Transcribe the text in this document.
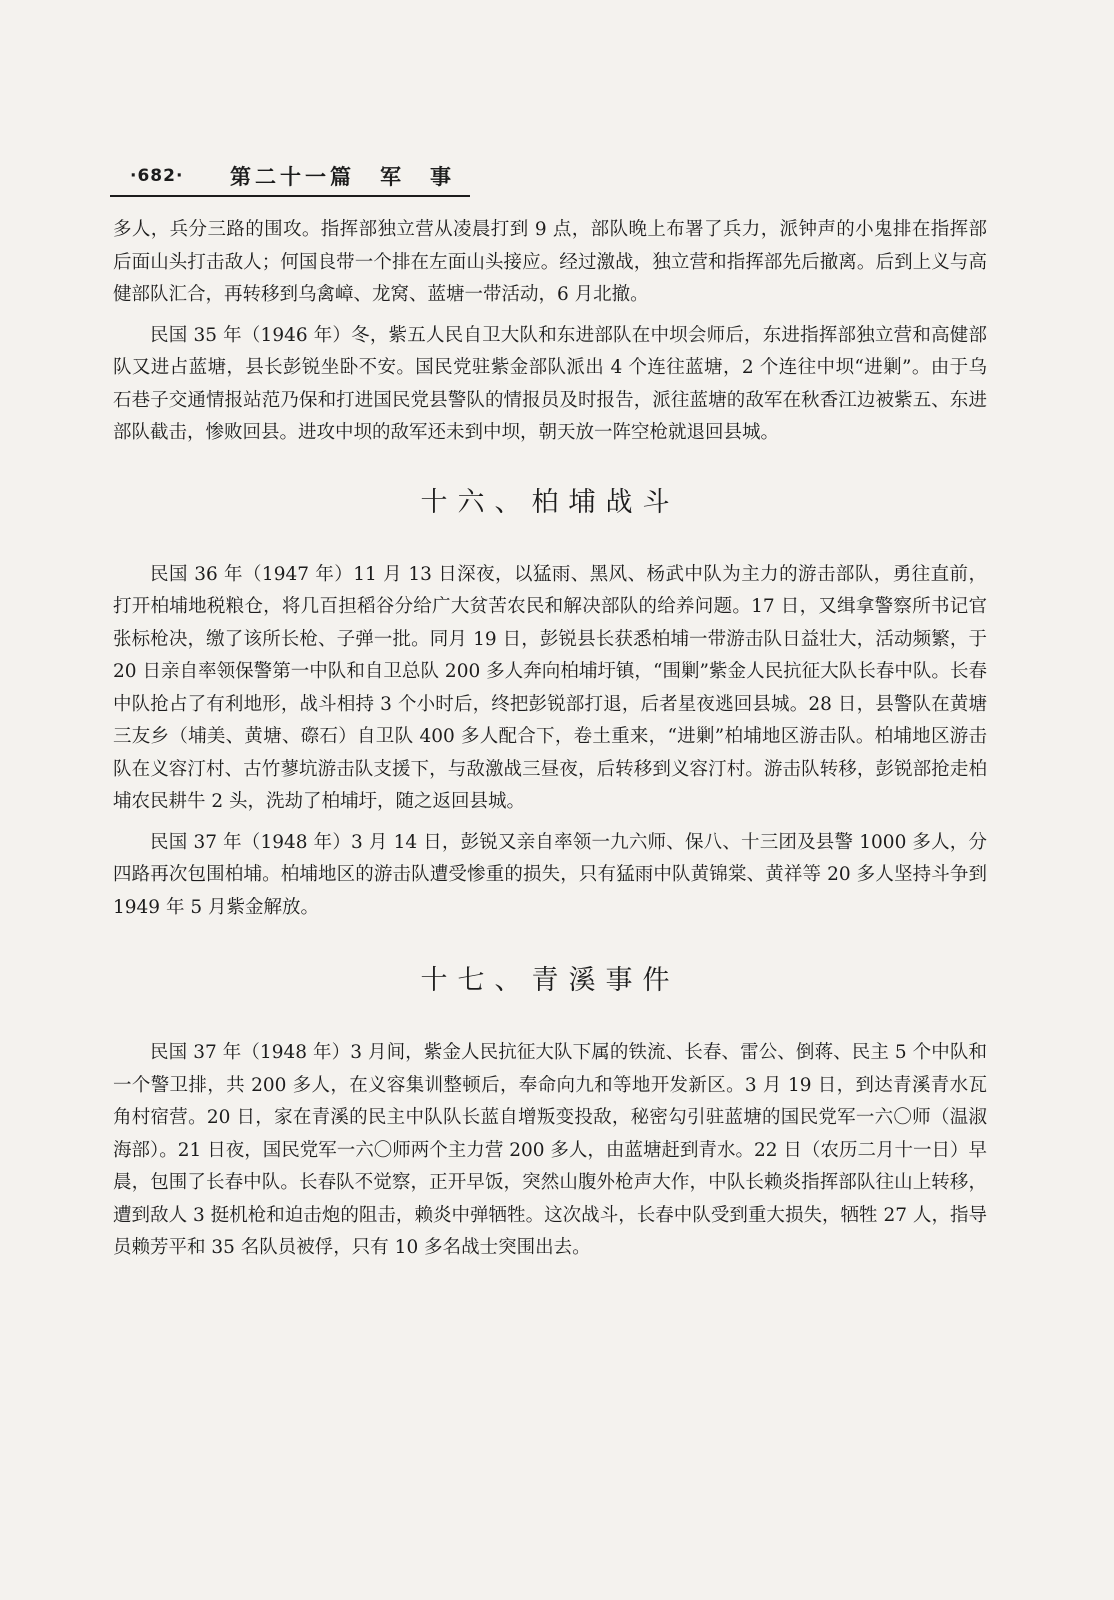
·682· 第二十一篇　军　事

多人，兵分三路的围攻。指挥部独立营从凌晨打到 9 点，部队晚上布署了兵力，派钟声的小鬼排在指挥部后面山头打击敌人；何国良带一个排在左面山头接应。经过激战，独立营和指挥部先后撤离。后到上义与高健部队汇合，再转移到乌禽嶂、龙窝、蓝塘一带活动，6 月北撤。

民国 35 年（1946 年）冬，紫五人民自卫大队和东进部队在中坝会师后，东进指挥部独立营和高健部队又进占蓝塘，县长彭锐坐卧不安。国民党驻紫金部队派出 4 个连往蓝塘，2 个连往中坝“进剿”。由于乌石巷子交通情报站范乃保和打进国民党县警队的情报员及时报告，派往蓝塘的敌军在秋香江边被紫五、东进部队截击，惨败回县。进攻中坝的敌军还未到中坝，朝天放一阵空枪就退回县城。

十六、柏埔战斗

民国 36 年（1947 年）11 月 13 日深夜，以猛雨、黑风、杨武中队为主力的游击部队，勇往直前，打开柏埔地税粮仓，将几百担稻谷分给广大贫苦农民和解决部队的给养问题。17 日，又缉拿警察所书记官张标枪决，缴了该所长枪、子弹一批。同月 19 日，彭锐县长获悉柏埔一带游击队日益壮大，活动频繁，于 20 日亲自率领保警第一中队和自卫总队 200 多人奔向柏埔圩镇，“围剿”紫金人民抗征大队长春中队。长春中队抢占了有利地形，战斗相持 3 个小时后，终把彭锐部打退，后者星夜逃回县城。28 日，县警队在黄塘三友乡（埔美、黄塘、磜石）自卫队 400 多人配合下，卷土重来，“进剿”柏埔地区游击队。柏埔地区游击队在义容汀村、古竹蓼坑游击队支援下，与敌激战三昼夜，后转移到义容汀村。游击队转移，彭锐部抢走柏埔农民耕牛 2 头，洗劫了柏埔圩，随之返回县城。

民国 37 年（1948 年）3 月 14 日，彭锐又亲自率领一九六师、保八、十三团及县警 1000 多人，分四路再次包围柏埔。柏埔地区的游击队遭受惨重的损失，只有猛雨中队黄锦棠、黄祥等 20 多人坚持斗争到 1949 年 5 月紫金解放。

十七、青溪事件

民国 37 年（1948 年）3 月间，紫金人民抗征大队下属的铁流、长春、雷公、倒蒋、民主 5 个中队和一个警卫排，共 200 多人，在义容集训整顿后，奉命向九和等地开发新区。3 月 19 日，到达青溪青水瓦角村宿营。20 日，家在青溪的民主中队队长蓝自增叛变投敌，秘密勾引驻蓝塘的国民党军一六〇师（温淑海部）。21 日夜，国民党军一六〇师两个主力营 200 多人，由蓝塘赶到青水。22 日（农历二月十一日）早晨，包围了长春中队。长春队不觉察，正开早饭，突然山腹外枪声大作，中队长赖炎指挥部队往山上转移，遭到敌人 3 挺机枪和迫击炮的阻击，赖炎中弹牺牲。这次战斗，长春中队受到重大损失，牺牲 27 人，指导员赖芳平和 35 名队员被俘，只有 10 多名战士突围出去。
